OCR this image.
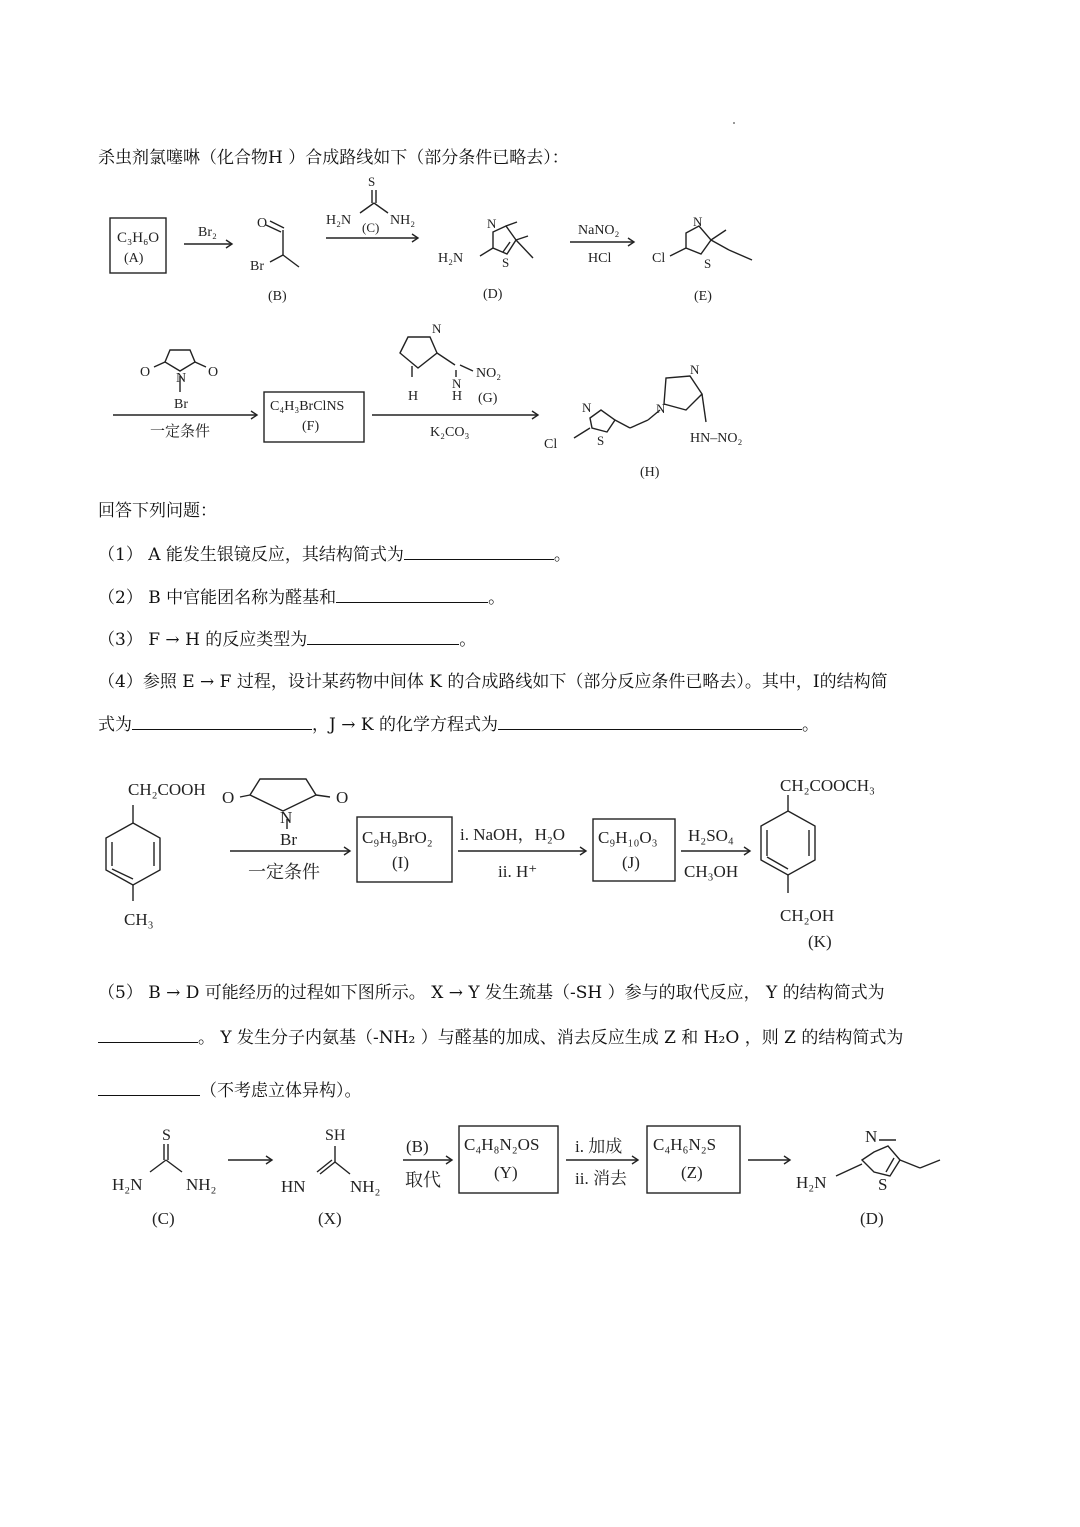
杀虫剂氯噻啉（化合物H ）合成路线如下（部分条件已略去）：
C₃H₆O
(A)
Br₂
O
Br
(B)
S
H₂N	NH₂
(C)	N
S
H₂N
(D)
NaNO₂
HCl
N
S
Cl
(E)
O	O
N
Br
一定条件
C₄H₃BrClNS
(F)
N
H H
N
NO₂
(G)
K₂CO₃
N
S
Cl
N
N
HN–NO₂
(H)
回答下列问题：
（1） A 能发生银镜反应，其结构简式为	。
（2） B 中官能团名称为醛基和	。
（3） F → H 的反应类型为	。
（4）参照 E → F 过程，设计某药物中间体 K 的合成路线如下（部分反应条件已略去）。其中，I的结构简
式为	，J → K 的化学方程式为	。
CH₂COOH
CH₃
O	O
N
Br
一定条件
C₉H₉BrO₂
(I)
i. NaOH，H₂O
ii. H⁺
C₉H₁₀O₃
(J)
H₂SO₄
CH₃OH
CH₂COOCH₃
CH₂OH
(K)
（5） B → D 可能经历的过程如下图所示。 X → Y 发生巯基（-SH ）参与的取代反应， Y 的结构简式为
。 Y 发生分子内氨基（-NH₂ ）与醛基的加成、消去反应生成 Z 和 H₂O ，则 Z 的结构简式为
（不考虑立体异构）。
S
H₂N	NH₂
(C)
SH
HN	NH₂
(X)
(B)
取代
C₄H₈N₂OS
(Y)
i. 加成
ii. 消去
C₄H₆N₂S
(Z)
N
S
H₂N
(D)
